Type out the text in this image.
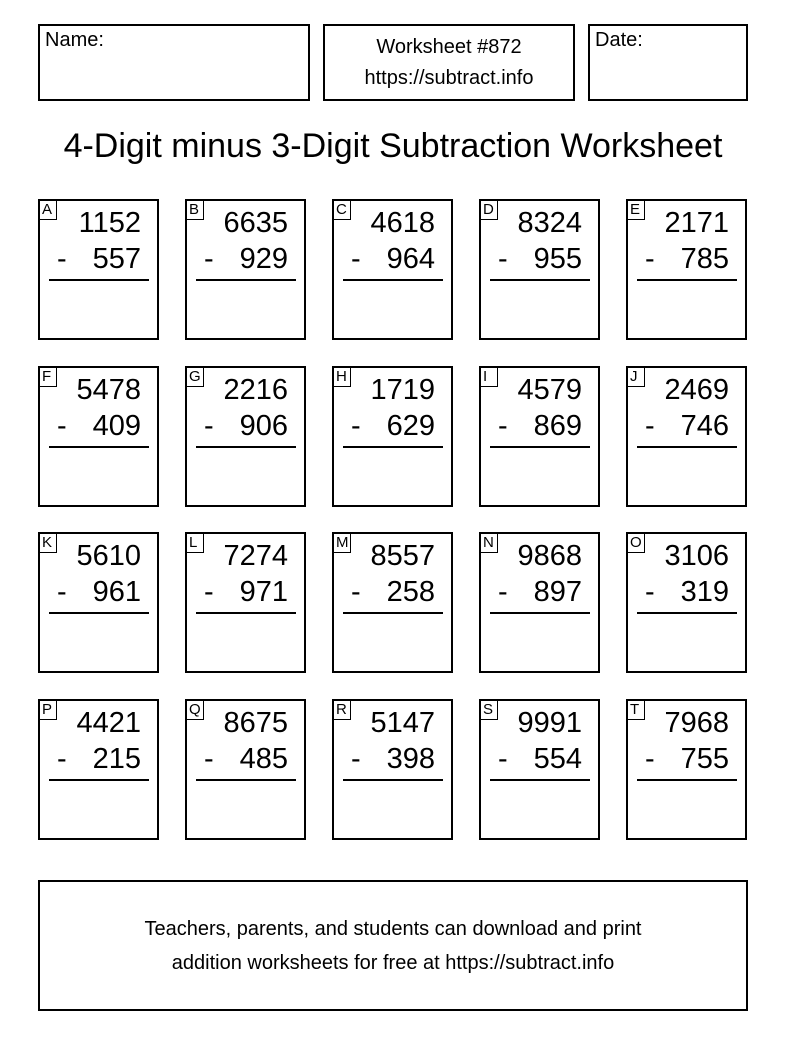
Name:	Worksheet #872
https://subtract.info
Date:
4-Digit minus 3-Digit Subtraction Worksheet
A 1152
- 557
B 6635
- 929
C 4618
- 964
D 8324
- 955
E 2171
- 785
F 5478
- 409
G 2216
- 906
H 1719
- 629
I	4579
- 869
J 2469
- 746
K 5610
- 961
L 7274
- 971
M 8557
- 258
N 9868
- 897
O 3106
- 319
P 4421
- 215
Q 8675
- 485
R 5147
- 398
S 9991
- 554
T 7968
- 755
Teachers, parents, and students can download and print
addition worksheets for free at https://subtract.info
